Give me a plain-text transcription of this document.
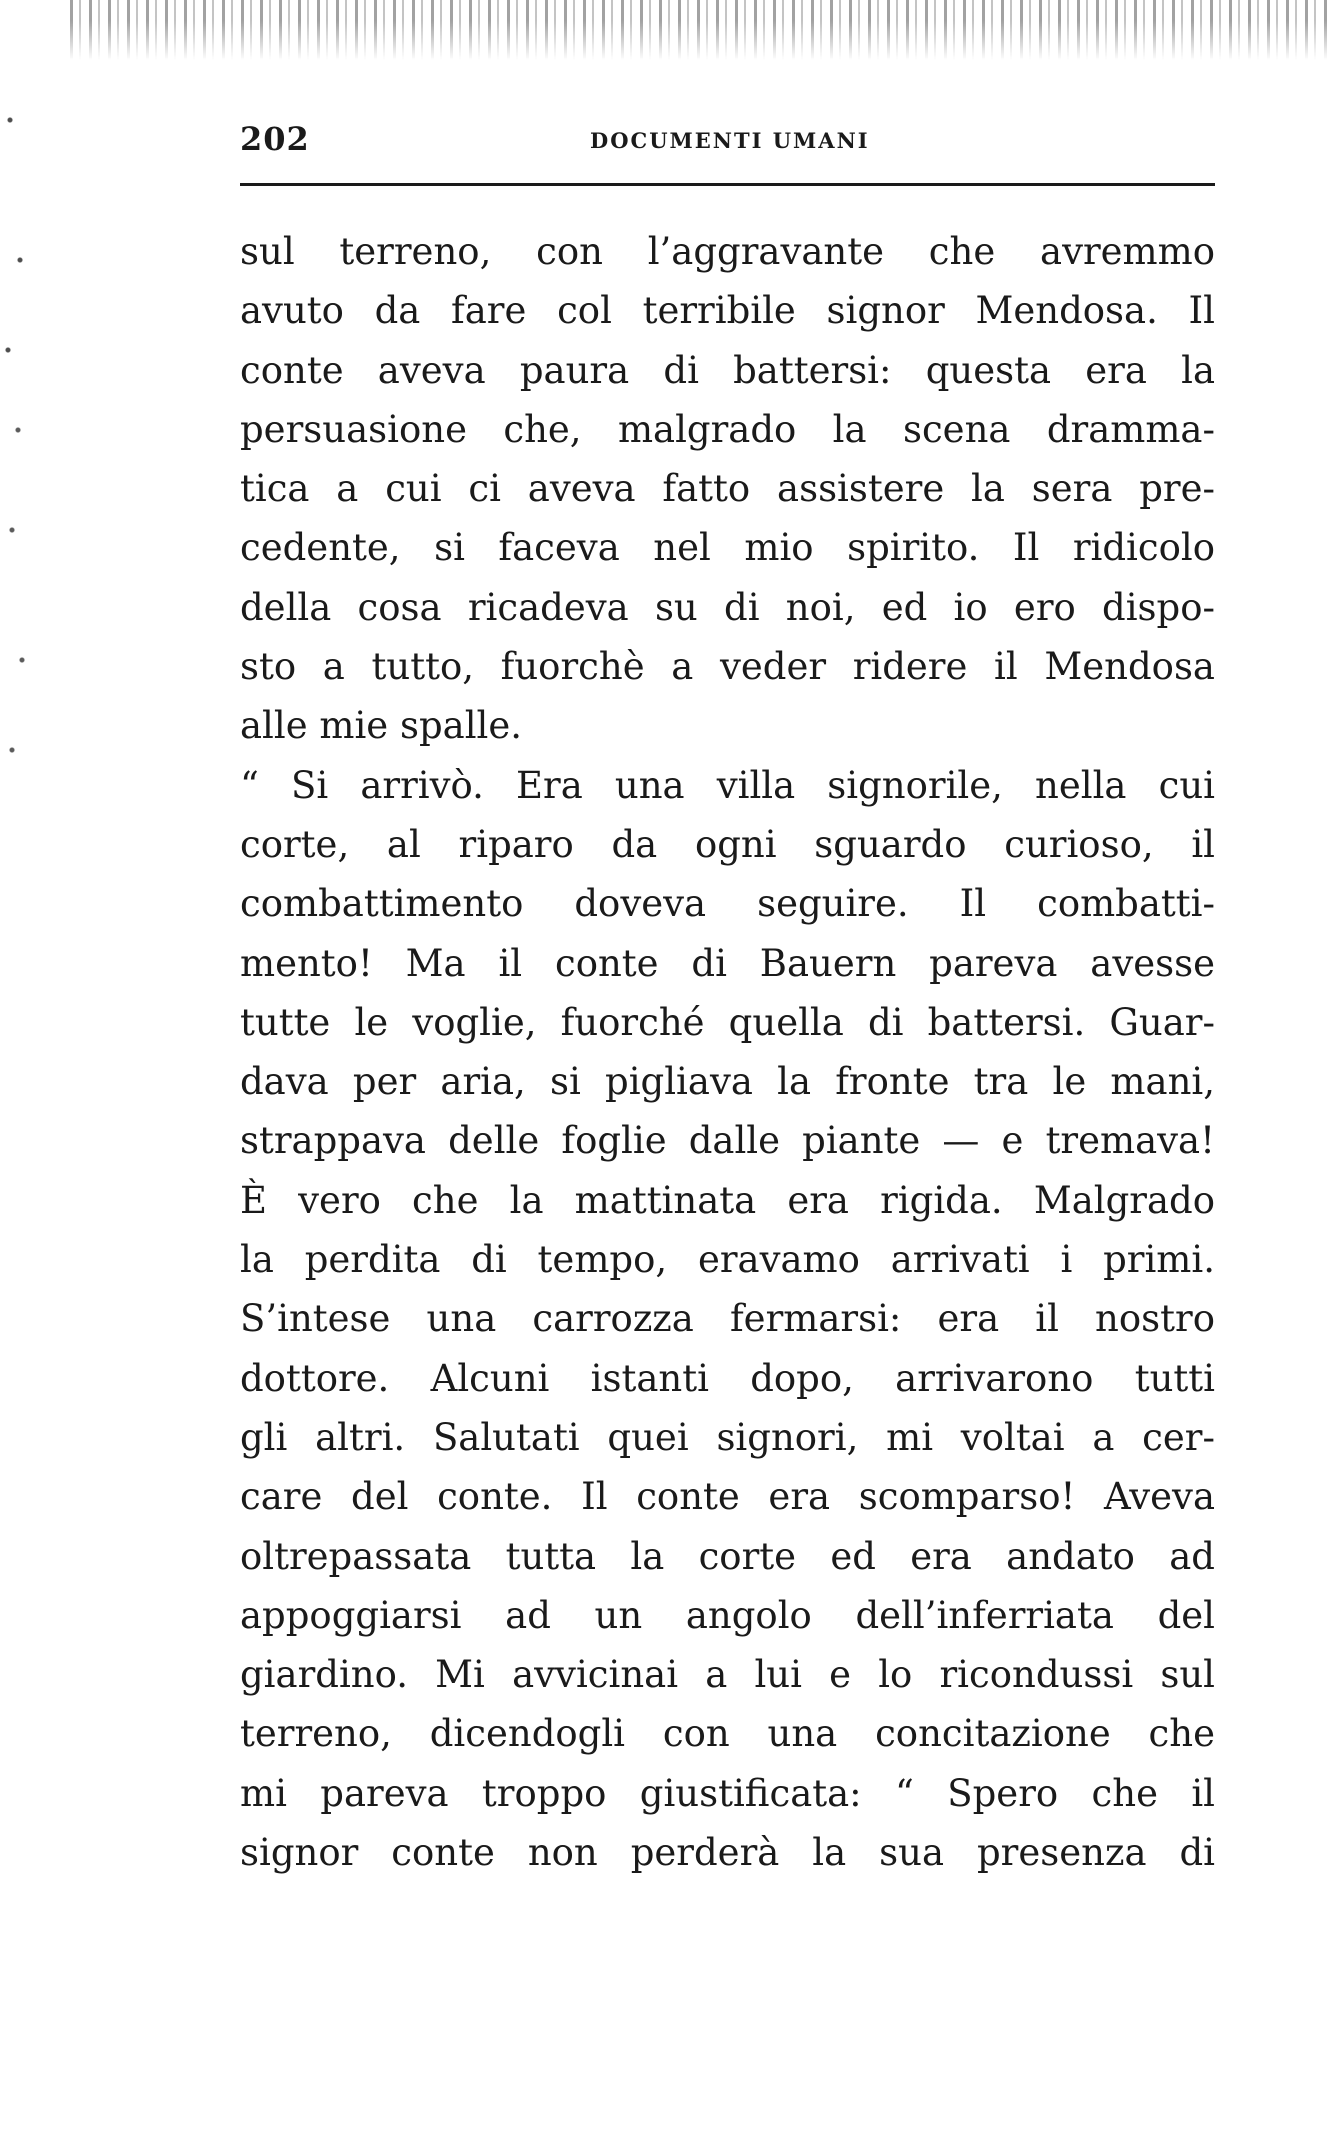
202	DOCUMENTI UMANI
sul terreno, con l’aggravante che avremmo
avuto da fare col terribile signor Mendosa. Il
conte aveva paura di battersi: questa era la
persuasione che, malgrado la scena dramma-
tica a cui ci aveva fatto assistere la sera pre-
cedente, si faceva nel mio spirito. Il ridicolo
della cosa ricadeva su di noi, ed io ero dispo-
sto a tutto, fuorchè a veder ridere il Mendosa
alle mie spalle.
“ Si arrivò. Era una villa signorile, nella cui
corte, al riparo da ogni sguardo curioso, il
combattimento doveva seguire. Il combatti-
mento! Ma il conte di Bauern pareva avesse
tutte le voglie, fuorché quella di battersi. Guar-
dava per aria, si pigliava la fronte tra le mani,
strappava delle foglie dalle piante — e tremava!
È vero che la mattinata era rigida. Malgrado
la perdita di tempo, eravamo arrivati i primi.
S’intese una carrozza fermarsi: era il nostro
dottore. Alcuni istanti dopo, arrivarono tutti
gli altri. Salutati quei signori, mi voltai a cer-
care del conte. Il conte era scomparso! Aveva
oltrepassata tutta la corte ed era andato ad
appoggiarsi ad un angolo dell’inferriata del
giardino. Mi avvicinai a lui e lo ricondussi sul
terreno, dicendogli con una concitazione che
mi pareva troppo giustificata: “ Spero che il
signor conte non perderà la sua presenza di
